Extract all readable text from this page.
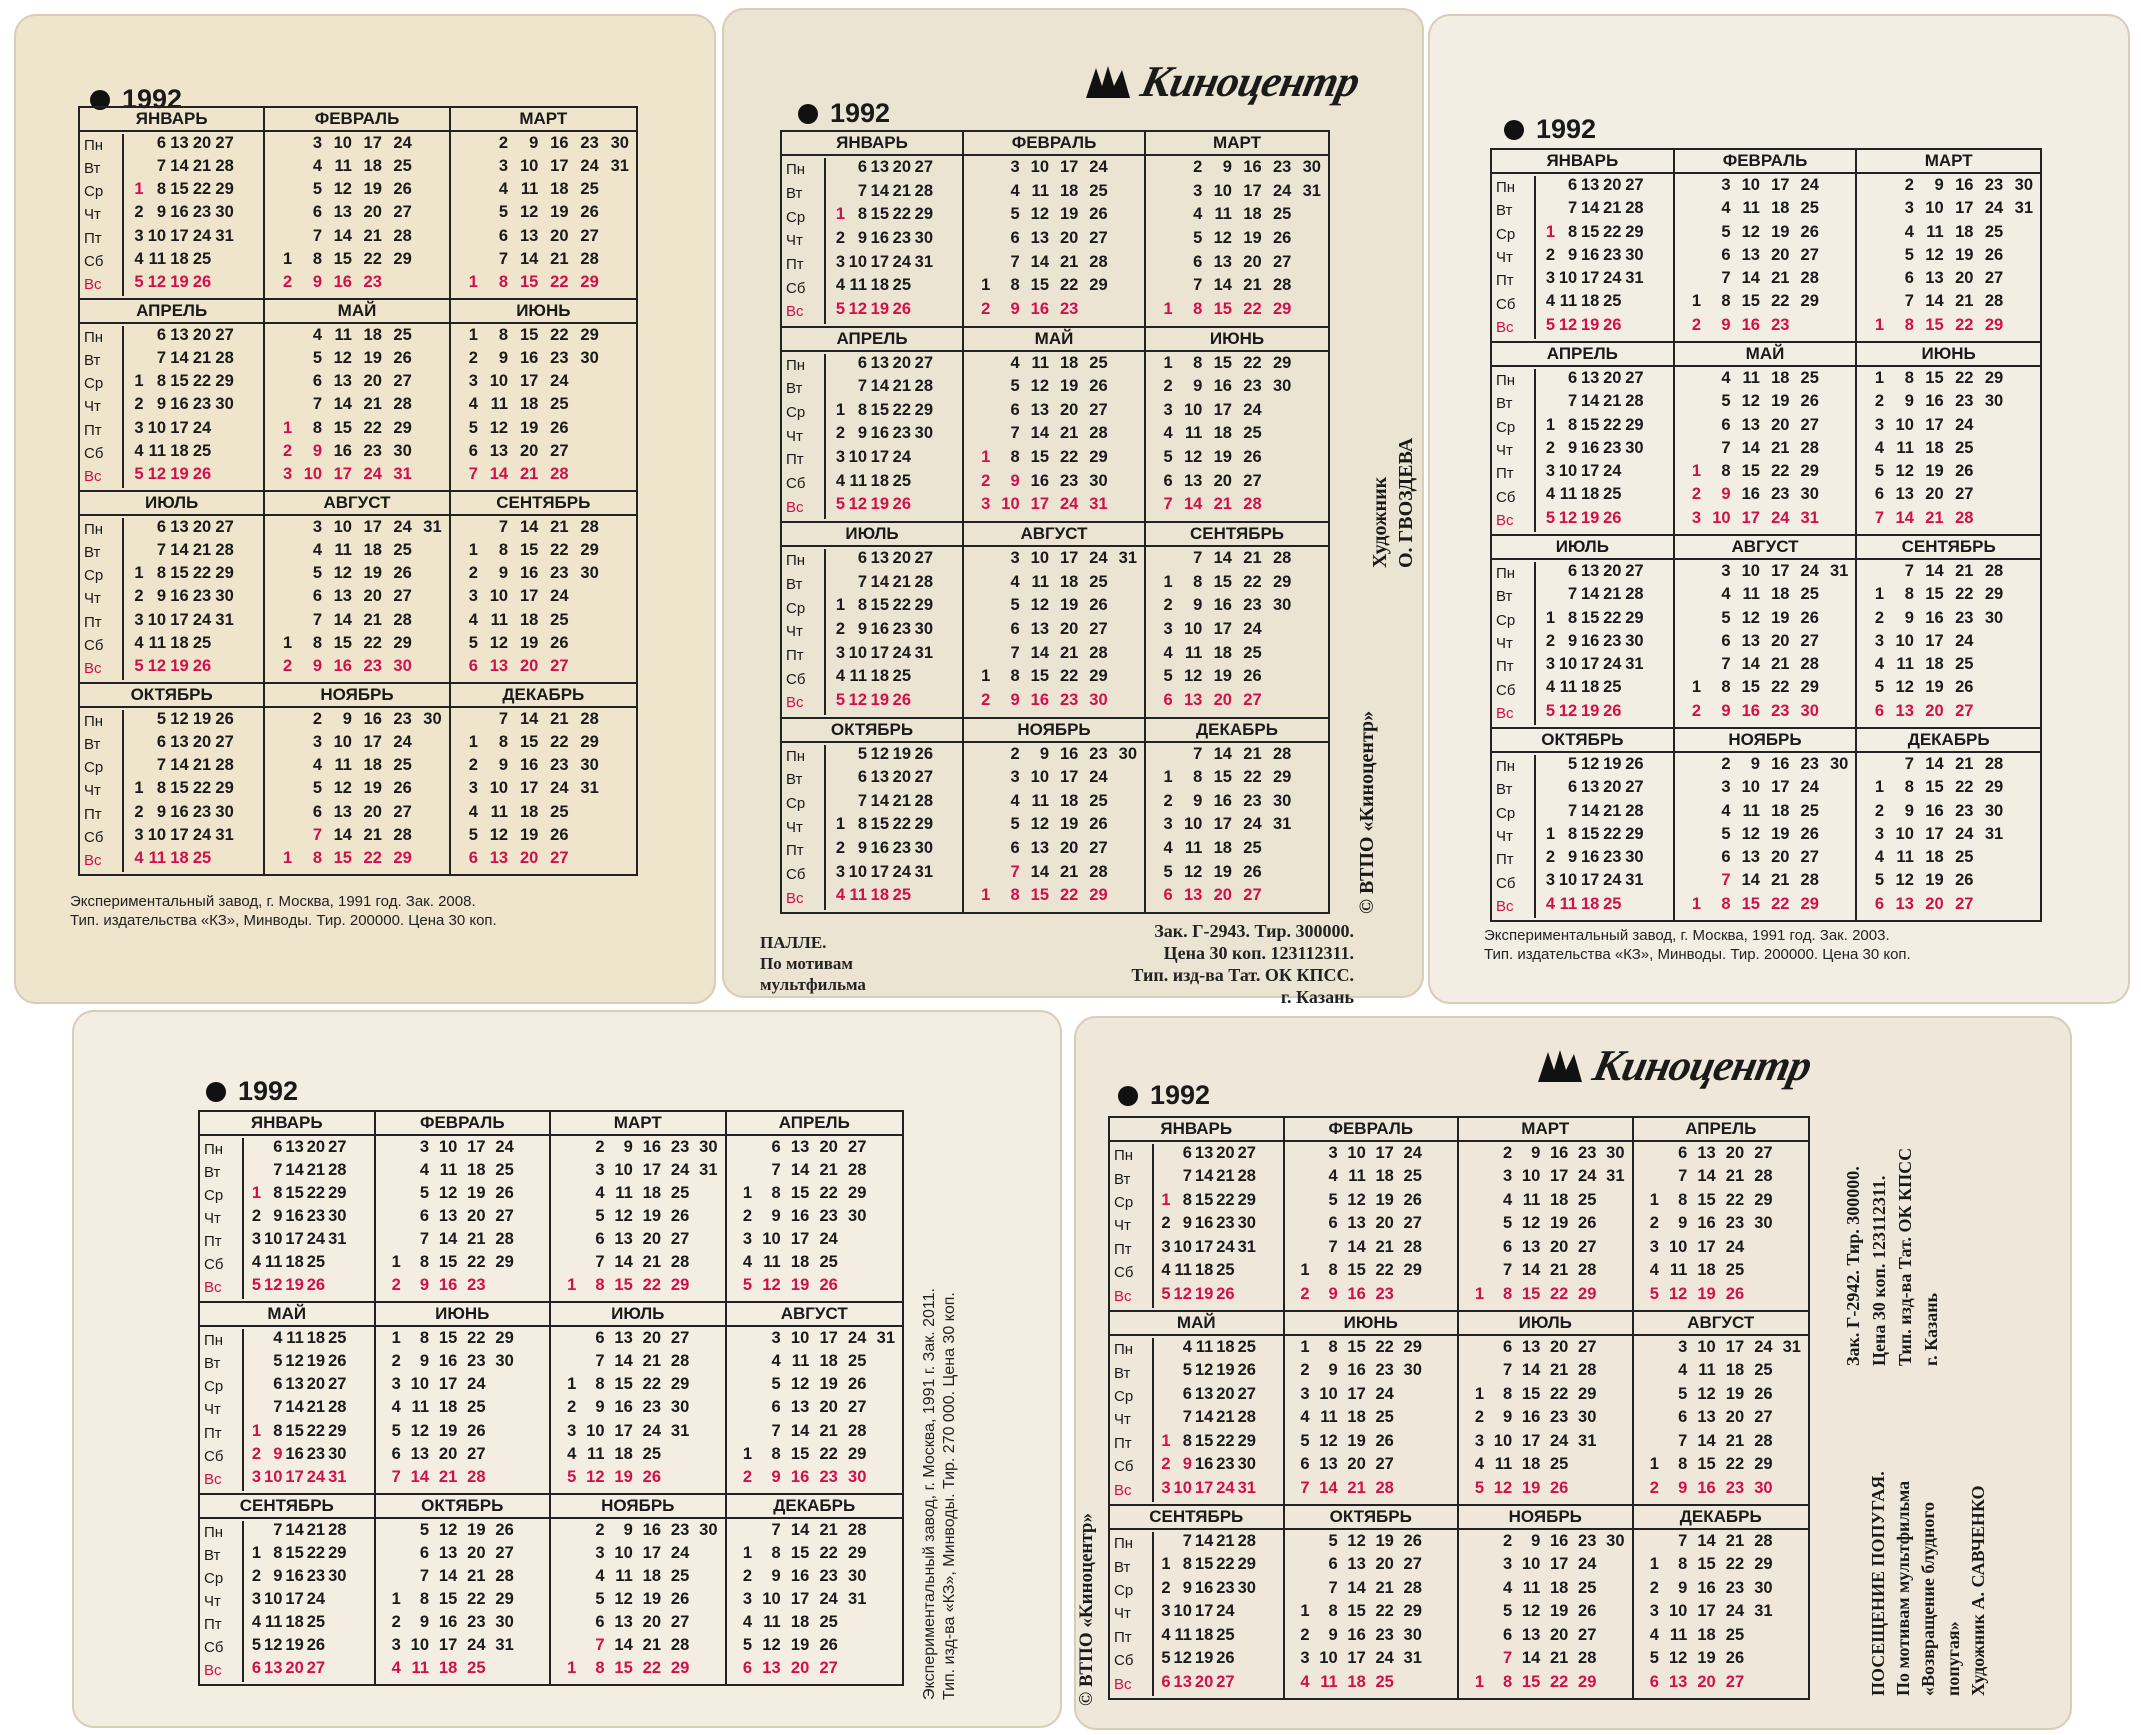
1992
ЯНВАРЬ
Пн
Вт
Ср
Чт
Пт
Сб
Вс
1
2
3
4
5
6
7
8
9
10
11
12
13
14
15
16
17
18
19
20
21
22
23
24
25
26
27
28
29
30
31
ФЕВРАЛЬ
1
2
3
4
5
6
7
8
9
10
11
12
13
14
15
16
17
18
19
20
21
22
23
24
25
26
27
28
29
МАРТ
1
2
3
4
5
6
7
8
9
10
11
12
13
14
15
16
17
18
19
20
21
22
23
24
25
26
27
28
29
30
31
АПРЕЛЬ
Пн
Вт
Ср
Чт
Пт
Сб
Вс
1
2
3
4
5
6
7
8
9
10
11
12
13
14
15
16
17
18
19
20
21
22
23
24
25
26
27
28
29
30
МАЙ
1
2
3
4
5
6
7
8
9
10
11
12
13
14
15
16
17
18
19
20
21
22
23
24
25
26
27
28
29
30
31
ИЮНЬ
1
2
3
4
5
6
7
8
9
10
11
12
13
14
15
16
17
18
19
20
21
22
23
24
25
26
27
28
29
30
ИЮЛЬ
Пн
Вт
Ср
Чт
Пт
Сб
Вс
1
2
3
4
5
6
7
8
9
10
11
12
13
14
15
16
17
18
19
20
21
22
23
24
25
26
27
28
29
30
31
АВГУСТ
1
2
3
4
5
6
7
8
9
10
11
12
13
14
15
16
17
18
19
20
21
22
23
24
25
26
27
28
29
30
31
СЕНТЯБРЬ
1
2
3
4
5
6
7
8
9
10
11
12
13
14
15
16
17
18
19
20
21
22
23
24
25
26
27
28
29
30
ОКТЯБРЬ
Пн
Вт
Ср
Чт
Пт
Сб
Вс
1
2
3
4
5
6
7
8
9
10
11
12
13
14
15
16
17
18
19
20
21
22
23
24
25
26
27
28
29
30
31
НОЯБРЬ
1
2
3
4
5
6
7
8
9
10
11
12
13
14
15
16
17
18
19
20
21
22
23
24
25
26
27
28
29
30
ДЕКАБРЬ
1
2
3
4
5
6
7
8
9
10
11
12
13
14
15
16
17
18
19
20
21
22
23
24
25
26
27
28
29
30
31
Экспериментальный завод, г. Москва, 1991 год. Зак. 2008.
Тип. издательства «КЗ», Минводы. Тир. 200000. Цена 30 коп.
Киноцентр
1992
ЯНВАРЬ
Пн
Вт
Ср
Чт
Пт
Сб
Вс
1
2
3
4
5
6
7
8
9
10
11
12
13
14
15
16
17
18
19
20
21
22
23
24
25
26
27
28
29
30
31
ФЕВРАЛЬ
1
2
3
4
5
6
7
8
9
10
11
12
13
14
15
16
17
18
19
20
21
22
23
24
25
26
27
28
29
МАРТ
1
2
3
4
5
6
7
8
9
10
11
12
13
14
15
16
17
18
19
20
21
22
23
24
25
26
27
28
29
30
31
АПРЕЛЬ
Пн
Вт
Ср
Чт
Пт
Сб
Вс
1
2
3
4
5
6
7
8
9
10
11
12
13
14
15
16
17
18
19
20
21
22
23
24
25
26
27
28
29
30
МАЙ
1
2
3
4
5
6
7
8
9
10
11
12
13
14
15
16
17
18
19
20
21
22
23
24
25
26
27
28
29
30
31
ИЮНЬ
1
2
3
4
5
6
7
8
9
10
11
12
13
14
15
16
17
18
19
20
21
22
23
24
25
26
27
28
29
30
ИЮЛЬ
Пн
Вт
Ср
Чт
Пт
Сб
Вс
1
2
3
4
5
6
7
8
9
10
11
12
13
14
15
16
17
18
19
20
21
22
23
24
25
26
27
28
29
30
31
АВГУСТ
1
2
3
4
5
6
7
8
9
10
11
12
13
14
15
16
17
18
19
20
21
22
23
24
25
26
27
28
29
30
31
СЕНТЯБРЬ
1
2
3
4
5
6
7
8
9
10
11
12
13
14
15
16
17
18
19
20
21
22
23
24
25
26
27
28
29
30
ОКТЯБРЬ
Пн
Вт
Ср
Чт
Пт
Сб
Вс
1
2
3
4
5
6
7
8
9
10
11
12
13
14
15
16
17
18
19
20
21
22
23
24
25
26
27
28
29
30
31
НОЯБРЬ
1
2
3
4
5
6
7
8
9
10
11
12
13
14
15
16
17
18
19
20
21
22
23
24
25
26
27
28
29
30
ДЕКАБРЬ
1
2
3
4
5
6
7
8
9
10
11
12
13
14
15
16
17
18
19
20
21
22
23
24
25
26
27
28
29
30
31
ПАЛЛЕ.
По мотивам
мультфильма
Зак. Г-2943. Тир. 300000.
Цена 30 коп. 123112311.
Тип. изд-ва Тат. ОК КПСС.
г. Казань
© ВТПО «Киноцентр»
Художник О. ГВОЗДЕВА
1992
ЯНВАРЬ
Пн
Вт
Ср
Чт
Пт
Сб
Вс
1
2
3
4
5
6
7
8
9
10
11
12
13
14
15
16
17
18
19
20
21
22
23
24
25
26
27
28
29
30
31
ФЕВРАЛЬ
1
2
3
4
5
6
7
8
9
10
11
12
13
14
15
16
17
18
19
20
21
22
23
24
25
26
27
28
29
МАРТ
1
2
3
4
5
6
7
8
9
10
11
12
13
14
15
16
17
18
19
20
21
22
23
24
25
26
27
28
29
30
31
АПРЕЛЬ
Пн
Вт
Ср
Чт
Пт
Сб
Вс
1
2
3
4
5
6
7
8
9
10
11
12
13
14
15
16
17
18
19
20
21
22
23
24
25
26
27
28
29
30
МАЙ
1
2
3
4
5
6
7
8
9
10
11
12
13
14
15
16
17
18
19
20
21
22
23
24
25
26
27
28
29
30
31
ИЮНЬ
1
2
3
4
5
6
7
8
9
10
11
12
13
14
15
16
17
18
19
20
21
22
23
24
25
26
27
28
29
30
ИЮЛЬ
Пн
Вт
Ср
Чт
Пт
Сб
Вс
1
2
3
4
5
6
7
8
9
10
11
12
13
14
15
16
17
18
19
20
21
22
23
24
25
26
27
28
29
30
31
АВГУСТ
1
2
3
4
5
6
7
8
9
10
11
12
13
14
15
16
17
18
19
20
21
22
23
24
25
26
27
28
29
30
31
СЕНТЯБРЬ
1
2
3
4
5
6
7
8
9
10
11
12
13
14
15
16
17
18
19
20
21
22
23
24
25
26
27
28
29
30
ОКТЯБРЬ
Пн
Вт
Ср
Чт
Пт
Сб
Вс
1
2
3
4
5
6
7
8
9
10
11
12
13
14
15
16
17
18
19
20
21
22
23
24
25
26
27
28
29
30
31
НОЯБРЬ
1
2
3
4
5
6
7
8
9
10
11
12
13
14
15
16
17
18
19
20
21
22
23
24
25
26
27
28
29
30
ДЕКАБРЬ
1
2
3
4
5
6
7
8
9
10
11
12
13
14
15
16
17
18
19
20
21
22
23
24
25
26
27
28
29
30
31
Экспериментальный завод, г. Москва, 1991 год. Зак. 2003.
Тип. издательства «КЗ», Минводы. Тир. 200000. Цена 30 коп.
1992
ЯНВАРЬ
Пн
Вт
Ср
Чт
Пт
Сб
Вс
1
2
3
4
5
6
7
8
9
10
11
12
13
14
15
16
17
18
19
20
21
22
23
24
25
26
27
28
29
30
31
ФЕВРАЛЬ
1
2
3
4
5
6
7
8
9
10
11
12
13
14
15
16
17
18
19
20
21
22
23
24
25
26
27
28
29
МАРТ
1
2
3
4
5
6
7
8
9
10
11
12
13
14
15
16
17
18
19
20
21
22
23
24
25
26
27
28
29
30
31
АПРЕЛЬ
1
2
3
4
5
6
7
8
9
10
11
12
13
14
15
16
17
18
19
20
21
22
23
24
25
26
27
28
29
30
МАЙ
Пн
Вт
Ср
Чт
Пт
Сб
Вс
1
2
3
4
5
6
7
8
9
10
11
12
13
14
15
16
17
18
19
20
21
22
23
24
25
26
27
28
29
30
31
ИЮНЬ
1
2
3
4
5
6
7
8
9
10
11
12
13
14
15
16
17
18
19
20
21
22
23
24
25
26
27
28
29
30
ИЮЛЬ
1
2
3
4
5
6
7
8
9
10
11
12
13
14
15
16
17
18
19
20
21
22
23
24
25
26
27
28
29
30
31
АВГУСТ
1
2
3
4
5
6
7
8
9
10
11
12
13
14
15
16
17
18
19
20
21
22
23
24
25
26
27
28
29
30
31
СЕНТЯБРЬ
Пн
Вт
Ср
Чт
Пт
Сб
Вс
1
2
3
4
5
6
7
8
9
10
11
12
13
14
15
16
17
18
19
20
21
22
23
24
25
26
27
28
29
30
ОКТЯБРЬ
1
2
3
4
5
6
7
8
9
10
11
12
13
14
15
16
17
18
19
20
21
22
23
24
25
26
27
28
29
30
31
НОЯБРЬ
1
2
3
4
5
6
7
8
9
10
11
12
13
14
15
16
17
18
19
20
21
22
23
24
25
26
27
28
29
30
ДЕКАБРЬ
1
2
3
4
5
6
7
8
9
10
11
12
13
14
15
16
17
18
19
20
21
22
23
24
25
26
27
28
29
30
31	Экспериментальный завод, г. Москва, 1991 г. Зак. 2011. Тип. изд-ва «КЗ», Минводы. Тир. 270 000. Цена 30 коп.
Киноцентр
1992
ЯНВАРЬ
Пн
Вт
Ср
Чт
Пт
Сб
Вс
1
2
3
4
5
6
7
8
9
10
11
12
13
14
15
16
17
18
19
20
21
22
23
24
25
26
27
28
29
30
31
ФЕВРАЛЬ
1
2
3
4
5
6
7
8
9
10
11
12
13
14
15
16
17
18
19
20
21
22
23
24
25
26
27
28
29
МАРТ
1
2
3
4
5
6
7
8
9
10
11
12
13
14
15
16
17
18
19
20
21
22
23
24
25
26
27
28
29
30
31
АПРЕЛЬ
1
2
3
4
5
6
7
8
9
10
11
12
13
14
15
16
17
18
19
20
21
22
23
24
25
26
27
28
29
30
МАЙ
Пн
Вт
Ср
Чт
Пт
Сб
Вс
1
2
3
4
5
6
7
8
9
10
11
12
13
14
15
16
17
18
19
20
21
22
23
24
25
26
27
28
29
30
31
ИЮНЬ
1
2
3
4
5
6
7
8
9
10
11
12
13
14
15
16
17
18
19
20
21
22
23
24
25
26
27
28
29
30
ИЮЛЬ
1
2
3
4
5
6
7
8
9
10
11
12
13
14
15
16
17
18
19
20
21
22
23
24
25
26
27
28
29
30
31
АВГУСТ
1
2
3
4
5
6
7
8
9
10
11
12
13
14
15
16
17
18
19
20
21
22
23
24
25
26
27
28
29
30
31
СЕНТЯБРЬ
Пн
Вт
Ср
Чт
Пт
Сб
Вс
1
2
3
4
5
6
7
8
9
10
11
12
13
14
15
16
17
18
19
20
21
22
23
24
25
26
27
28
29
30
ОКТЯБРЬ
1
2
3
4
5
6
7
8
9
10
11
12
13
14
15
16
17
18
19
20
21
22
23
24
25
26
27
28
29
30
31
НОЯБРЬ
1
2
3
4
5
6
7
8
9
10
11
12
13
14
15
16
17
18
19
20
21
22
23
24
25
26
27
28
29
30
ДЕКАБРЬ
1
2
3
4
5
6
7
8
9
10
11
12
13
14
15
16
17
18
19
20
21
22
23
24
25
26
27
28
29
30
31
© ВТПО «Киноцентр»
Зак. Г-2942. Тир. 300000. Цена 30 коп. 123112311. Тип. изд-ва Тат. ОК КПСС г. Казань
ПОСЕЩЕНИЕ ПОПУГАЯ. По мотивам мультфильма «Возвращение блудного попугая» Художник А. САВЧЕНКО
